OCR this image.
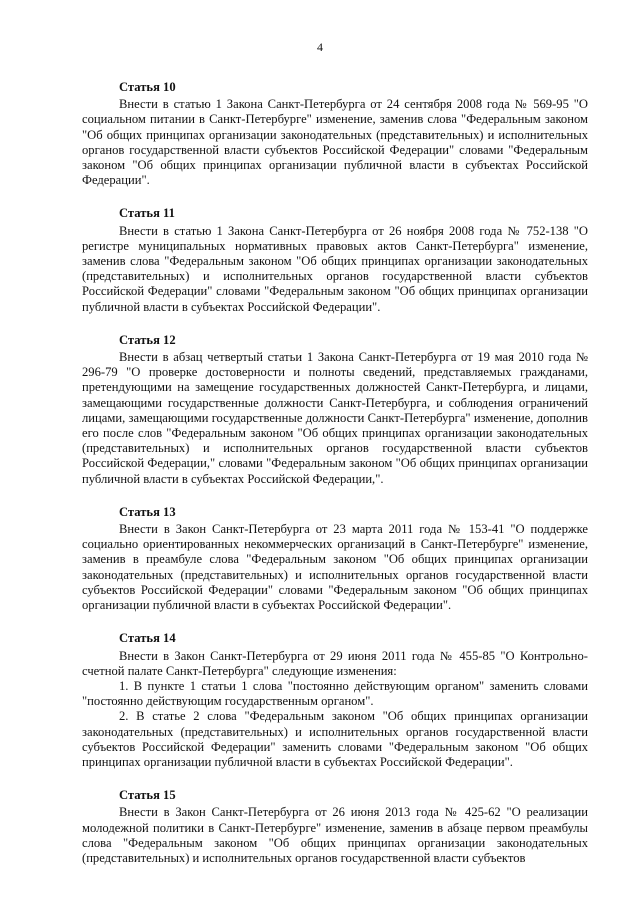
4
Статья 10

Внести в статью 1 Закона Санкт-Петербурга от 24 сентября 2008 года № 569-95 "О социальном питании в Санкт-Петербурге" изменение, заменив слова "Федеральным законом "Об общих принципах организации законодательных (представительных) и исполнительных органов государственной власти субъектов Российской Федерации" словами "Федеральным законом "Об общих принципах организации публичной власти в субъектах Российской Федерации".

Статья 11

Внести в статью 1 Закона Санкт-Петербурга от 26 ноября 2008 года № 752-138 "О регистре муниципальных нормативных правовых актов Санкт-Петербурга" изменение, заменив слова "Федеральным законом "Об общих принципах организации законодательных (представительных) и исполнительных органов государственной власти субъектов Российской Федерации" словами "Федеральным законом "Об общих принципах организации публичной власти в субъектах Российской Федерации".

Статья 12

Внести в абзац четвертый статьи 1 Закона Санкт-Петербурга от 19 мая 2010 года № 296-79 "О проверке достоверности и полноты сведений, представляемых гражданами, претендующими на замещение государственных должностей Санкт-Петербурга, и лицами, замещающими государственные должности Санкт-Петербурга, и соблюдения ограничений лицами, замещающими государственные должности Санкт-Петербурга" изменение, дополнив его после слов "Федеральным законом "Об общих принципах организации законодательных (представительных) и исполнительных органов государственной власти субъектов Российской Федерации," словами "Федеральным законом "Об общих принципах организации публичной власти в субъектах Российской Федерации,".

Статья 13

Внести в Закон Санкт-Петербурга от 23 марта 2011 года № 153-41 "О поддержке социально ориентированных некоммерческих организаций в Санкт-Петербурге" изменение, заменив в преамбуле слова "Федеральным законом "Об общих принципах организации законодательных (представительных) и исполнительных органов государственной власти субъектов Российской Федерации" словами "Федеральным законом "Об общих принципах организации публичной власти в субъектах Российской Федерации".

Статья 14

Внести в Закон Санкт-Петербурга от 29 июня 2011 года № 455-85 "О Контрольно-счетной палате Санкт-Петербурга" следующие изменения:

1. В пункте 1 статьи 1 слова "постоянно действующим органом" заменить словами "постоянно действующим государственным органом".

2. В статье 2 слова "Федеральным законом "Об общих принципах организации законодательных (представительных) и исполнительных органов государственной власти субъектов Российской Федерации" заменить словами "Федеральным законом "Об общих принципах организации публичной власти в субъектах Российской Федерации".

Статья 15

Внести в Закон Санкт-Петербурга от 26 июня 2013 года № 425-62 "О реализации молодежной политики в Санкт-Петербурге" изменение, заменив в абзаце первом преамбулы слова "Федеральным законом "Об общих принципах организации законодательных (представительных) и исполнительных органов государственной власти субъектов
